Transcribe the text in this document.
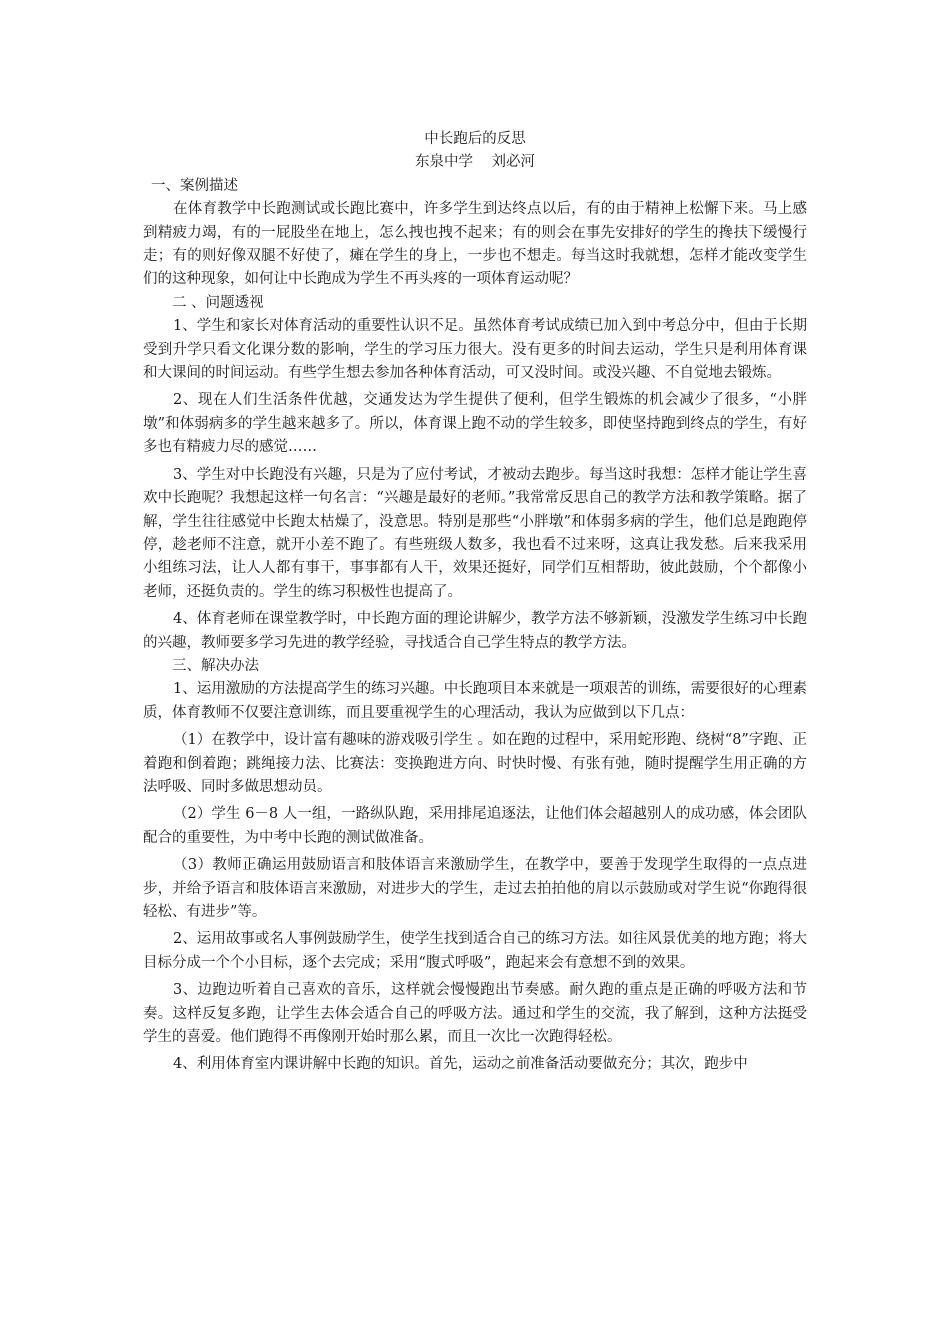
中长跑后的反思

东泉中学    刘必河

一、案例描述

在体育教学中长跑测试或长跑比赛中，许多学生到达终点以后，有的由于精神上松懈下来。马上感到精疲力竭，有的一屁股坐在地上，怎么拽也拽不起来；有的则会在事先安排好的学生的搀扶下缓慢行走；有的则好像双腿不好使了，瘫在学生的身上，一步也不想走。每当这时我就想，怎样才能改变学生们的这种现象，如何让中长跑成为学生不再头疼的一项体育运动呢？

二 、问题透视

1、学生和家长对体育活动的重要性认识不足。虽然体育考试成绩已加入到中考总分中，但由于长期受到升学只看文化课分数的影响，学生的学习压力很大。没有更多的时间去运动，学生只是利用体育课和大课间的时间运动。有些学生想去参加各种体育活动，可又没时间。或没兴趣、不自觉地去锻炼。

2、现在人们生活条件优越，交通发达为学生提供了便利，但学生锻炼的机会减少了很多，“小胖墩”和体弱病多的学生越来越多了。所以，体育课上跑不动的学生较多，即使坚持跑到终点的学生，有好多也有精疲力尽的感觉……

3、学生对中长跑没有兴趣，只是为了应付考试，才被动去跑步。每当这时我想：怎样才能让学生喜欢中长跑呢？我想起这样一句名言：“兴趣是最好的老师。”我常常反思自己的教学方法和教学策略。据了解，学生往往感觉中长跑太枯燥了，没意思。特别是那些“小胖墩”和体弱多病的学生，他们总是跑跑停停，趁老师不注意，就开小差不跑了。有些班级人数多，我也看不过来呀，这真让我发愁。后来我采用小组练习法，让人人都有事干，事事都有人干，效果还挺好，同学们互相帮助，彼此鼓励，个个都像小老师，还挺负责的。学生的练习积极性也提高了。

4、体育老师在课堂教学时，中长跑方面的理论讲解少，教学方法不够新颖，没激发学生练习中长跑的兴趣，教师要多学习先进的教学经验，寻找适合自己学生特点的教学方法。

三、解决办法

1、运用激励的方法提高学生的练习兴趣。中长跑项目本来就是一项艰苦的训练，需要很好的心理素质，体育教师不仅要注意训练，而且要重视学生的心理活动，我认为应做到以下几点：

（1）在教学中，设计富有趣味的游戏吸引学生 。如在跑的过程中，采用蛇形跑、绕树“8”字跑、正着跑和倒着跑；跳绳接力法、比赛法：变换跑进方向、时快时慢、有张有弛，随时提醒学生用正确的方法呼吸、同时多做思想动员。

（2）学生 6－8 人一组，一路纵队跑，采用排尾追逐法，让他们体会超越别人的成功感，体会团队配合的重要性，为中考中长跑的测试做准备。

（3）教师正确运用鼓励语言和肢体语言来激励学生，在教学中，要善于发现学生取得的一点点进步，并给予语言和肢体语言来激励，对进步大的学生，走过去拍拍他的肩以示鼓励或对学生说“你跑得很轻松、有进步”等。

2、运用故事或名人事例鼓励学生，使学生找到适合自己的练习方法。如往风景优美的地方跑；将大目标分成一个个小目标，逐个去完成；采用“腹式呼吸”，跑起来会有意想不到的效果。

3、边跑边听着自己喜欢的音乐，这样就会慢慢跑出节奏感。耐久跑的重点是正确的呼吸方法和节奏。这样反复多跑，让学生去体会适合自己的呼吸方法。通过和学生的交流，我了解到，这种方法挺受学生的喜爱。他们跑得不再像刚开始时那么累，而且一次比一次跑得轻松。

4、利用体育室内课讲解中长跑的知识。首先，运动之前准备活动要做充分；其次，跑步中
